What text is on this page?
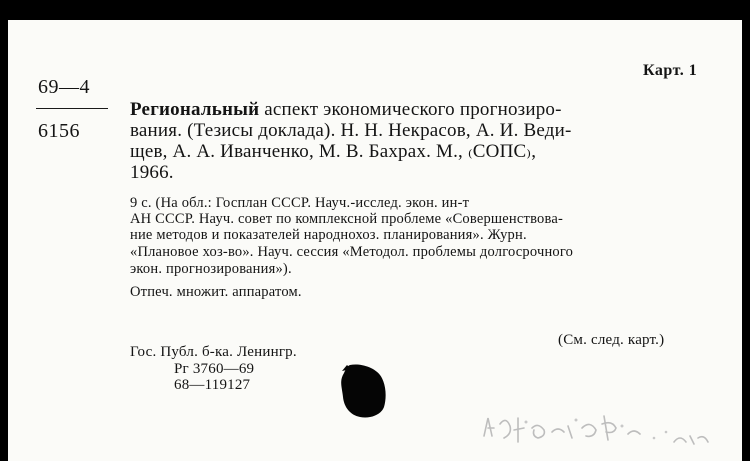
69—4

6156

Карт. 1

Региональный аспект экономического прогнозиро-

вания. (Тезисы доклада). Н. Н. Некрасов, А. И. Веди-

щев, А. А. Иванченко, М. В. Бахрах. М., ₍СОПС₎,

1966.

9 с. (На обл.: Госплан СССР. Науч.-исслед. экон. ин-т

АН СССР. Науч. совет по комплексной проблеме «Совершенствова-

ние методов и показателей народнохоз. планирования». Журн.

«Плановое хоз-во». Науч. сессия «Методол. проблемы долгосрочного

экон. прогнозирования»).

Отпеч. множит. аппаратом.

(См. след. карт.)

Гос. Публ. б-ка. Ленингр.

Рг 3760—69

68—119127
